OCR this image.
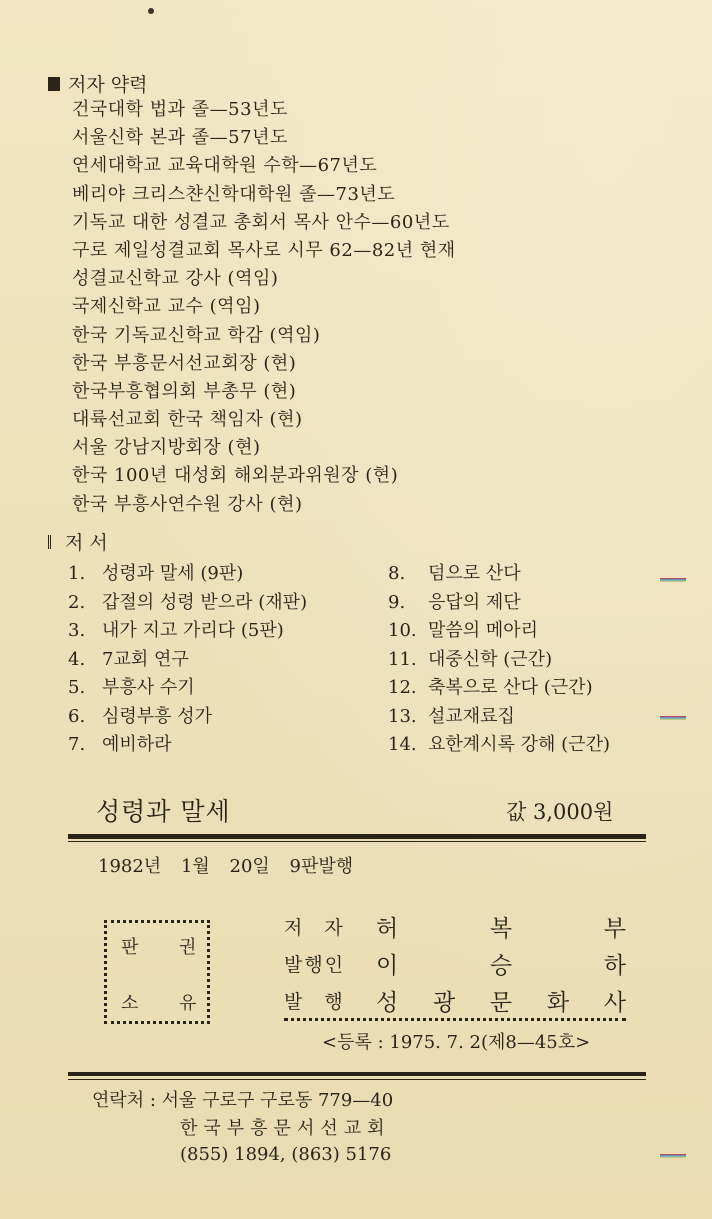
저자 약력
건국대학 법과 졸—53년도
서울신학 본과 졸—57년도
연세대학교 교육대학원 수학—67년도
베리야 크리스챤신학대학원 졸—73년도
기독교 대한 성결교 총회서 목사 안수—60년도
구로 제일성결교회 목사로 시무 62—82년 현재
성결교신학교 강사 (역임)
국제신학교 교수 (역임)
한국 기독교신학교 학감 (역임)
한국 부흥문서선교회장 (현)
한국부흥협의회 부총무 (현)
대륙선교회 한국 책임자 (현)
서울 강남지방회장 (현)
한국 100년 대성회 해외분과위원장 (현)
한국 부흥사연수원 강사 (현)
저 서
1. 성령과 말세 (9판)
2. 갑절의 성령 받으라 (재판)
3. 내가 지고 가리다 (5판)
4. 7교회 연구
5. 부흥사 수기
6. 심령부흥 성가
7. 예비하라
8.	덤으로 산다
9.	응답의 제단
10. 말씀의 메아리
11. 대중신학 (근간)
12. 축복으로 산다 (근간)
13. 설교재료집
14. 요한계시록 강해 (근간)
성령과 말세	값 3,000원
1982년 1월 20일 9판발행
판 권
소 유
저 자	허	복	부
발행인	이	승	하
발 행	성 광 문 화 사
<등록 : 1975. 7. 2(제8—45호>
연락처 : 서울 구로구 구로동 779—40
한국부흥문서선교회
(855) 1894, (863) 5176
